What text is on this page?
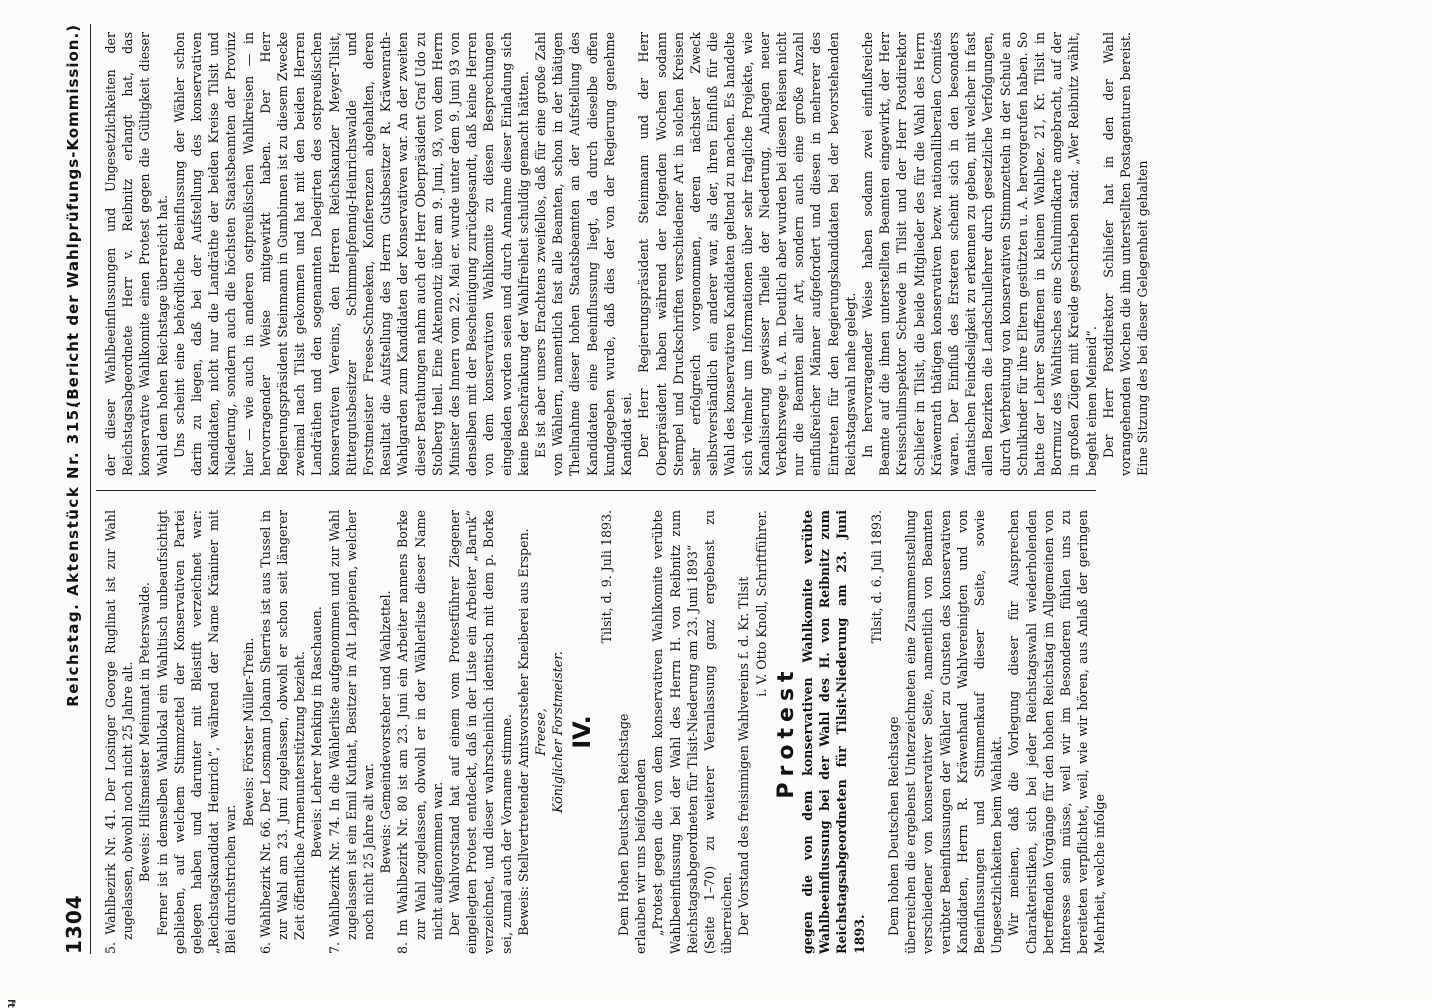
1304
Reichstag. Aktenstück Nr. 315.
(Bericht der Wahlprüfungs-Kommission.)

5. Wahlbezirk Nr. 41. Der Losinger George Ruglinat ist zur Wahl zugelassen, obwohl noch nicht 25 Jahre alt. Beweis: Hilfsmeister Meinunat in Peterswalde. Ferner ist in demselben Wahllokal ein Wahltisch unbeaufsichtigt geblieben, auf welchem Stimmzettel der Konservativen Partei gelegen haben und darunter mit Bleistift verzeichnet war: „Reichstagskandidat Heinrich“, während der Name Kräniner mit Blei durchstrichen war.

Beweis: Förster Müller-Trein. 6. Wahlbezirk Nr. 66. Der Losmann Johann Sherries ist aus Tussel in zur Wahl am 23. Juni zugelassen, obwohl er schon seit längerer Zeit öffentliche Armenunterstützung bezieht. Beweis: Lehrer Menking in Raschauen. 7. Wahlbezirk Nr. 74. In die Wählerliste aufgenommen und zur Wahl zugelassen ist ein Emil Kuthat, Besitzer in Alt Lappienen, welcher noch nicht 25 Jahre alt war. Beweis: Gemeindevorsteher und Wahlzettel. 8. Im Wahlbezirk Nr. 80 ist am 23. Juni ein Arbeiter namens Borke zur Wahl zugelassen, obwohl er in der Wählerliste dieser Name nicht aufgenommen war. Der Wahlvorstand hat auf einem vom Protestführer Ziegener eingelegten Protest entdeckt, daß in der Liste ein Arbeiter „Baruk“ verzeichnet, und dieser wahrscheinlich identisch mit dem p. Borke sei, zumal auch der Vorname stimme. Beweis: Stellvertretender Amtsvorsteher Kneiberei aus Erspen. Freese, Königlicher Forstmeister. IV.

Tilsit, d. 9. Juli 1893.

Dem Hohen Deutschen Reichstage erlauben wir uns beifolgenden „Protest gegen die von dem konservativen Wahlkomite verübte Wahlbeeinflussung bei der Wahl des Herrn H. von Reibnitz zum Reichstagsabgeordneten für Tilsit-Niederung am 23. Juni 1893“ (Seite 1–70) zu weiterer Veranlassung ganz ergebenst zu überreichen. Der Vorstand des freisinnigen Wahlvereins f. d. Kr. Tilsit i. V. Otto Knoll, Schriftführer.

Protest gegen die von dem konservativen Wahlkomite verübte Wahlbeeinflussung bei der Wahl des H. von Reibnitz zum Reichstagsabgeordneten für Tilsit-Niederung am 23. Juni 1893.

Tilsit, d. 6. Juli 1893.

Dem hohen Deutschen Reichstage überreichen die ergebenst Unterzeichneten eine Zusammenstellung verschiedener von konservativer Seite, namentlich von Beamten verübter Beeinflussungen der Wähler zu Gunsten des konservativen Kandidaten, Herrn R. Kräwenhand Wahlvereinigten und von Beeinflussungen und Stimmenkauf dieser Seite, sowie Ungesetzlichkeiten beim Wahlakt. Wir meinen, daß die Vorlegung dieser für Ausprechen Charakteristiken, sich bei jeder Reichstagswahl wiederholenden betreffenden Vorgänge für den hohen Reichstag im Allgemeinen von Interesse sein müsse, weil wir im Besonderen fühlen uns zu bereiteten verpflichtet, weil, wie wir hören, aus Anlaß der geringen Mehrheit, welche infolge

der dieser Wahlbeeinflussungen und Ungesetzlichkeiten der Reichstagsabgeordnete Herr v. Reibnitz erlangt hat, das konservative Wahlkomite einen Protest gegen die Gültigkeit dieser Wahl dem hohen Reichstage überreicht hat. Uns scheint eine behördliche Beeinflussung der Wähler schon darin zu liegen, daß bei der Aufstellung des konservativen Kandidaten, nicht nur die Landräthe der beiden Kreise Tilsit und Niederung, sondern auch die höchsten Staatsbeamten der Provinz hier — wie auch in anderen ostpreußischen Wahlkreisen — in hervorragender Weise mitgewirkt haben. Der Herr Regierungspräsident Steinmann in Gumbinnen ist zu diesem Zwecke zweimal nach Tilsit gekommen und hat mit den beiden Herren Landräthen und den sogenannten Delegirten des ostpreußischen konservativen Vereins, den Herren Reichskanzler Meyer-Tilsit, Rittergutsbesitzer Schimmelpfennig-Heinrichswalde und Forstmeister Freese-Schneeken, Konferenzen abgehalten, deren Resultat die Aufstellung des Herrn Gutsbesitzer R. Kräwenrath-Wahlgarden zum Kandidaten der Konservativen war. An der zweiten dieser Berathungen nahm auch der Herr Oberpräsident Graf Udo zu Stolberg theil. Eine Aktennotiz über am 9. Juni, 93, von dem Herrn Minister des Innern vom 22. Mai er. wurde unter dem 9. Juni 93 von denselben mit der Bescheinigung zurückgesandt, daß keine Herren von dem konservativen Wahlkomite zu diesen Besprechungen eingeladen worden seien und durch Annahme dieser Einladung sich keine Beschränkung der Wahlfreiheit schuldig gemacht hätten. Es ist aber unsers Erachtens zweifellos, daß für eine große Zahl von Wählern, namentlich fast alle Beamten, schon in der thätigen Theilnahme dieser hohen Staatsbeamten an der Aufstellung des Kandidaten eine Beeinflussung liegt, da durch dieselbe offen kundgegeben wurde, daß dies der von der Regierung genehme Kandidat sei. Der Herr Regierungspräsident Steinmann und der Herr Oberpräsident haben während der folgenden Wochen sodann Stempel und Druckschriften verschiedener Art in solchen Kreisen sehr erfolgreich vorgenommen, deren nächster Zweck selbstverständlich ein anderer war, als der, ihren Einfluß für die Wahl des konservativen Kandidaten geltend zu machen. Es handelte sich vielmehr um Informationen über sehr fragliche Projekte, wie Kanalisierung gewisser Theile der Niederung, Anlagen neuer Verkehrswege u. A. m. Deutlich aber wurden bei diesen Reisen nicht nur die Beamten aller Art, sondern auch eine große Anzahl einflußreicher Männer aufgefordert und diesen in mehrerer des Eintreten für den Regierungskandidaten bei der bevorstehenden Reichstagswahl nahe gelegt. In hervorragender Weise haben sodann zwei einflußreiche Beamte auf die ihnen unterstellten Beamten eingewirkt, der Herr Kreisschulinspektor Schwede in Tilsit und der Herr Postdirektor Schliefer in Tilsit, die beide Mitglieder des für die Wahl des Herrn Kräwenrath thätigen konservativen bezw. nationalliberalen Comités waren. Der Einfluß des Ersteren scheint sich in den besonders fanatischen Feindseligkeit zu erkennen zu geben, mit welcher in fast allen Bezirken die Landschullehrer durch gesetzliche Verfolgungen, durch Verbreitung von konservativen Stimmzetteln in der Schule an Schulkinder für ihre Eltern gestützten u. A. hervorgerufen haben. So hatte der Lehrer Sauffenen in kleinen Wahlbez. 21, Kr. Tilsit in Borrmuz des Wahltisches eine Schulmindkarte angebracht, auf der in großen Zügen mit Kreide geschrieben stand: „Wer Reibnitz wählt, begeht einen Meineid“. Der Herr Postdirektor Schliefer hat in den der Wahl vorangehenden Wochen die ihm unterstellten Postagenturen bereist. Eine Sitzung des bei dieser Gelegenheit gehalten
